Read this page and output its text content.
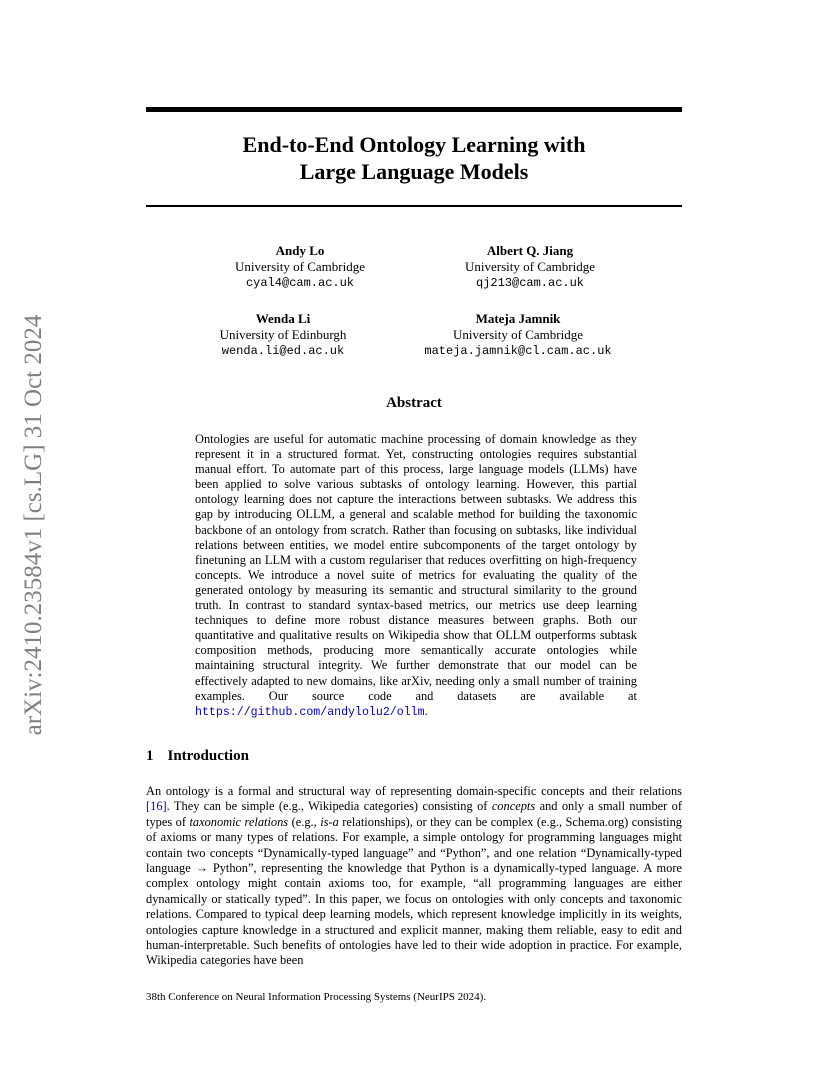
arXiv:2410.23584v1 [cs.LG] 31 Oct 2024
End-to-End Ontology Learning with
Large Language Models
Andy Lo
University of Cambridge
cyal4@cam.ac.uk
Albert Q. Jiang
University of Cambridge
qj213@cam.ac.uk
Wenda Li
University of Edinburgh
wenda.li@ed.ac.uk
Mateja Jamnik
University of Cambridge
mateja.jamnik@cl.cam.ac.uk
Abstract
Ontologies are useful for automatic machine processing of domain knowledge as they represent it in a structured format. Yet, constructing ontologies requires substantial manual effort. To automate part of this process, large language models (LLMs) have been applied to solve various subtasks of ontology learning. However, this partial ontology learning does not capture the interactions between subtasks. We address this gap by introducing OLLM, a general and scalable method for building the taxonomic backbone of an ontology from scratch. Rather than focusing on subtasks, like individual relations between entities, we model entire subcomponents of the target ontology by finetuning an LLM with a custom regulariser that reduces overfitting on high-frequency concepts. We introduce a novel suite of metrics for evaluating the quality of the generated ontology by measuring its semantic and structural similarity to the ground truth. In contrast to standard syntax-based metrics, our metrics use deep learning techniques to define more robust distance measures between graphs. Both our quantitative and qualitative results on Wikipedia show that OLLM outperforms subtask composition methods, producing more semantically accurate ontologies while maintaining structural integrity. We further demonstrate that our model can be effectively adapted to new domains, like arXiv, needing only a small number of training examples. Our source code and datasets are available at https://github.com/andylolu2/ollm.
1 Introduction
An ontology is a formal and structural way of representing domain-specific concepts and their relations [16]. They can be simple (e.g., Wikipedia categories) consisting of concepts and only a small number of types of taxonomic relations (e.g., is-a relationships), or they can be complex (e.g., Schema.org) consisting of axioms or many types of relations. For example, a simple ontology for programming languages might contain two concepts “Dynamically-typed language” and “Python”, and one relation “Dynamically-typed language → Python”, representing the knowledge that Python is a dynamically-typed language. A more complex ontology might contain axioms too, for example, “all programming languages are either dynamically or statically typed”. In this paper, we focus on ontologies with only concepts and taxonomic relations. Compared to typical deep learning models, which represent knowledge implicitly in its weights, ontologies capture knowledge in a structured and explicit manner, making them reliable, easy to edit and human-interpretable. Such benefits of ontologies have led to their wide adoption in practice. For example, Wikipedia categories have been
38th Conference on Neural Information Processing Systems (NeurIPS 2024).
